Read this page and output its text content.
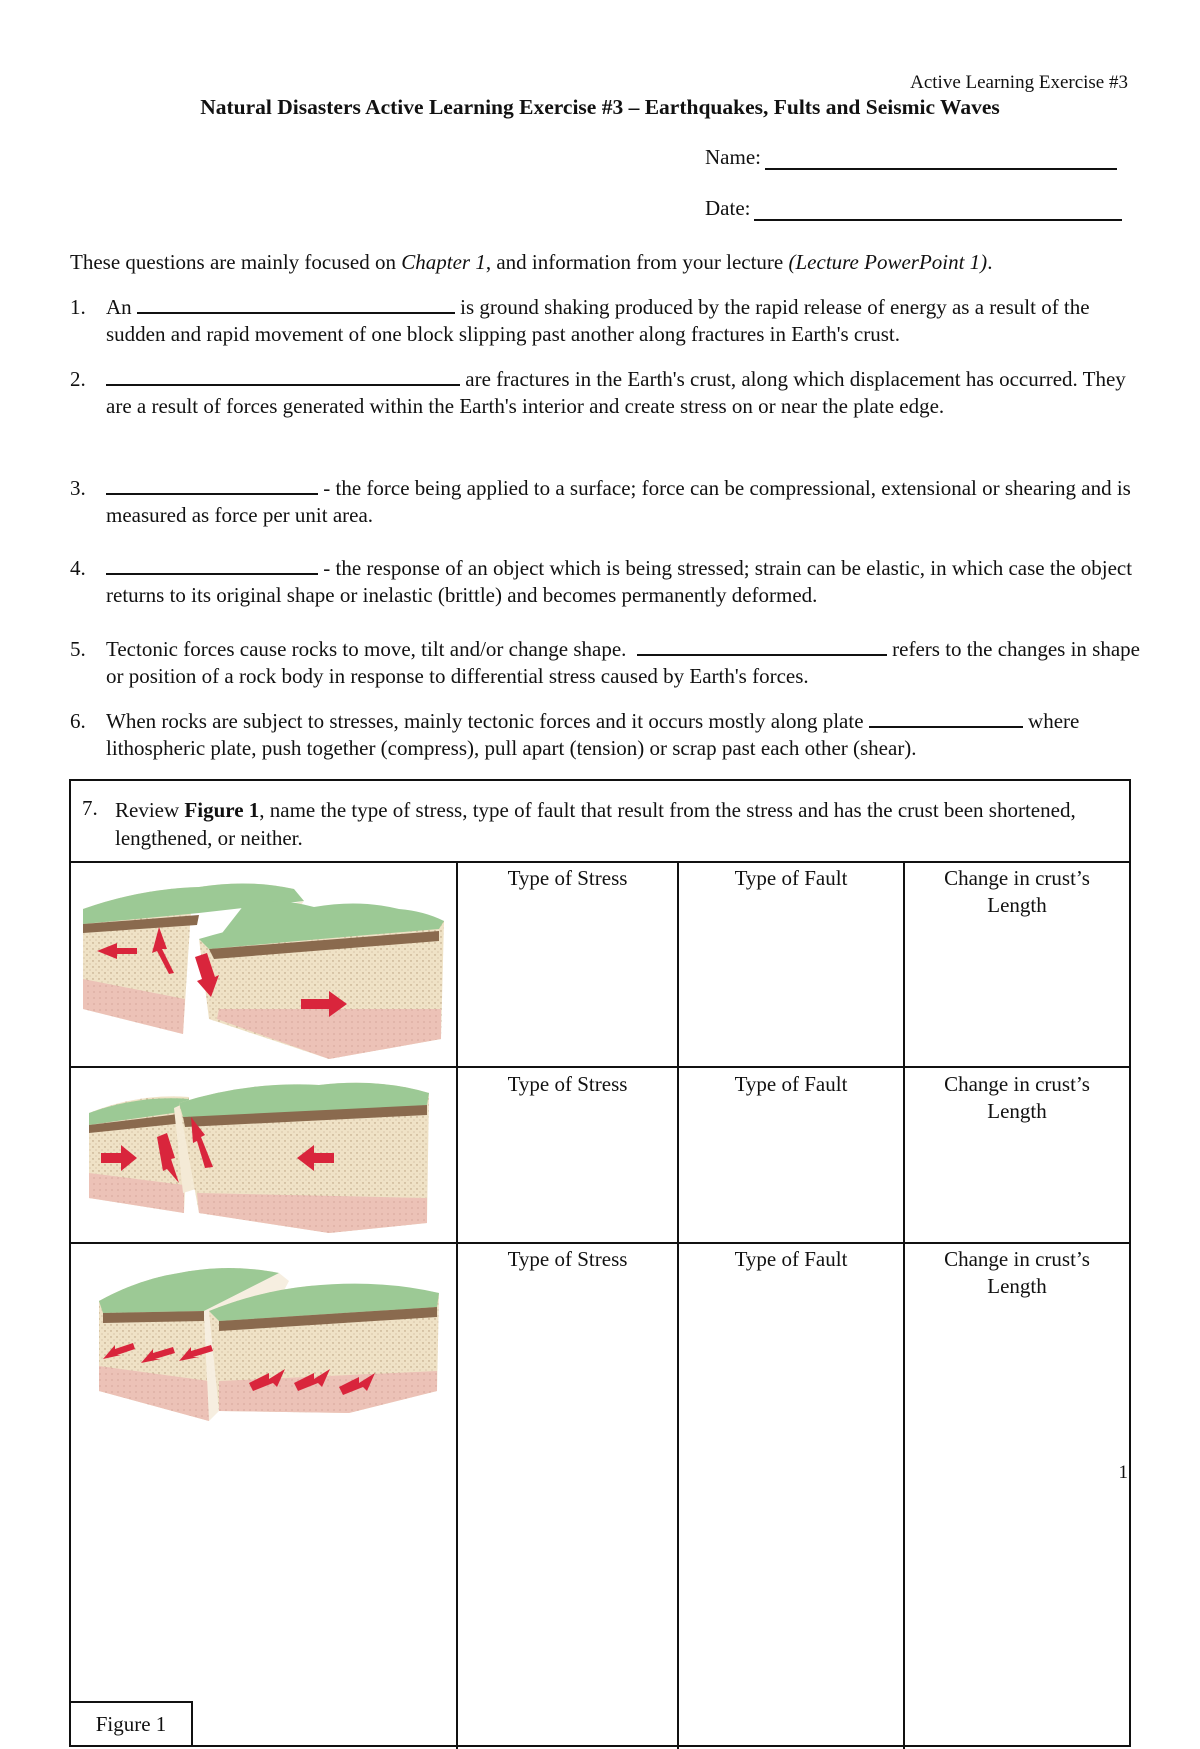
Active Learning Exercise #3
Natural Disasters Active Learning Exercise #3 – Earthquakes, Fults and Seismic Waves
Name:
Date:
These questions are mainly focused on Chapter 1, and information from your lecture (Lecture PowerPoint 1).
1. An	is ground shaking produced by the rapid release of energy as a result of the sudden and rapid movement of one block slipping past another along fractures in Earth's crust.
2.	are fractures in the Earth's crust, along which displacement has occurred. They are a result of forces generated within the Earth's interior and create stress on or near the plate edge.
3.	- the force being applied to a surface; force can be compressional, extensional or shearing and is measured as force per unit area.
4.	- the response of an object which is being stressed; strain can be elastic, in which case the object returns to its original shape or inelastic (brittle) and becomes permanently deformed.
5. Tectonic forces cause rocks to move, tilt and/or change shape.	refers to the changes in shape or position of a rock body in response to differential stress caused by Earth's forces.
6. When rocks are subject to stresses, mainly tectonic forces and it occurs mostly along plate	where lithospheric plate, push together (compress), pull apart (tension) or scrap past each other (shear).
7. Review Figure 1, name the type of stress, type of fault that result from the stress and has the crust been shortened, lengthened, or neither.
Type of Stress	Type of Fault	Change in crust’s
Length
Type of Stress	Type of Fault	Change in crust’s
Length
Type of Stress	Type of Fault	Change in crust’s
Length
Figure 1
1
